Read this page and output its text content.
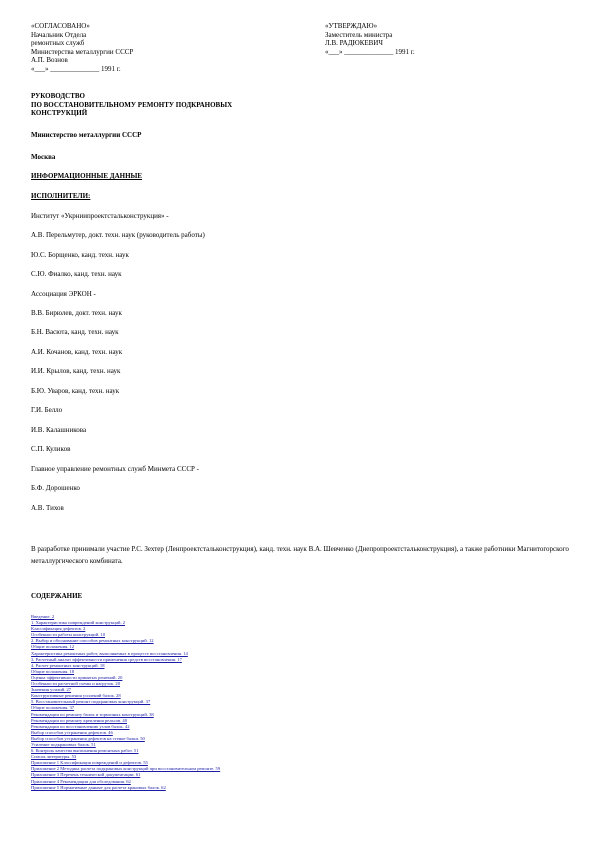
«СОГЛАСОВАНО»
Начальник Отдела
ремонтных служб
Министерства металлургии СССР
А.П. Вознов
«___» ______________ 1991 г.
«УТВЕРЖДАЮ»
Заместитель министра
Л.В. РАДЮКЕВИЧ
«___» ______________ 1991 г.
РУКОВОДСТВО
ПО ВОССТАНОВИТЕЛЬНОМУ РЕМОНТУ ПОДКРАНОВЫХ
КОНСТРУКЦИЙ
Министерство металлургии СССР
Москва
ИНФОРМАЦИОННЫЕ ДАННЫЕ
ИСПОЛНИТЕЛИ:
Институт «Укрниипроектстальконструкция» -
А.В. Перельмутер, докт. техн. наук (руководитель работы)
Ю.С. Борщенко, канд. техн. наук
С.Ю. Фиалко, канд. техн. наук
Ассоциация ЭРКОН -
В.В. Бирюлев, докт. техн. наук
Б.Н. Васюта, канд. техн. наук
А.И. Кочанов, канд. техн. наук
И.И. Крылов, канд. техн. наук
Б.Ю. Уваров, канд. техн. наук
Г.И. Белло
И.В. Калашникова
С.П. Куликов
Главное управление ремонтных служб Минмета СССР -
Б.Ф. Дорошенко
А.В. Тихов
В разработке принимали участие Р.С. Зехтер (Ленпроектстальконструкция), канд. техн. наук В.А. Шевченко (Днепропроектстальконструкция), а также работники Магнитогорского металлургического комбината.
СОДЕРЖАНИЕ
Введение. 2
1. Характеристика повреждений конструкций. 2
Классификация дефектов. 2
Особенности работы конструкций. 10
2. Выбор и обоснование способов ремонтных конструкций. 12
Общие положения. 12
Характеристика ремонтных работ, выполняемых в процессе восстановления. 14
3. Расчетный анализ эффективности применения средств восстановления. 17
4. Расчет ремонтных конструкций. 18
Общие положения. 18
Оценка эффективности принятых решений. 20
Особенности расчетной схемы и нагрузок. 20
Значения усилий. 27
Конструктивные решения усилений балок. 28
5. Восстановительный ремонт подкрановых конструкций. 37
Общие положения. 37
Рекомендации по ремонту балок и тормозных конструкций. 38
Рекомендации по ремонту крепления рельсов. 40
Рекомендации по восстановлению узлов балок. 42
Выбор способов устранения дефектов. 46
Выбор способов устранения дефектов на стенке балки. 50
Усиление подкрановых балок. 51
6. Контроль качества выполнения ремонтных работ. 51
Список литературы. 53
Приложение 1 Классификация повреждений и дефектов. 55
Приложение 2 Методика расчета подкрановых конструкций при восстановительном ремонте. 59
Приложение 3 Перечень технической документации. 61
Приложение 4 Рекомендации для обследования. 62
Приложение 5 Нормативные данные для расчета крановых балок. 62
